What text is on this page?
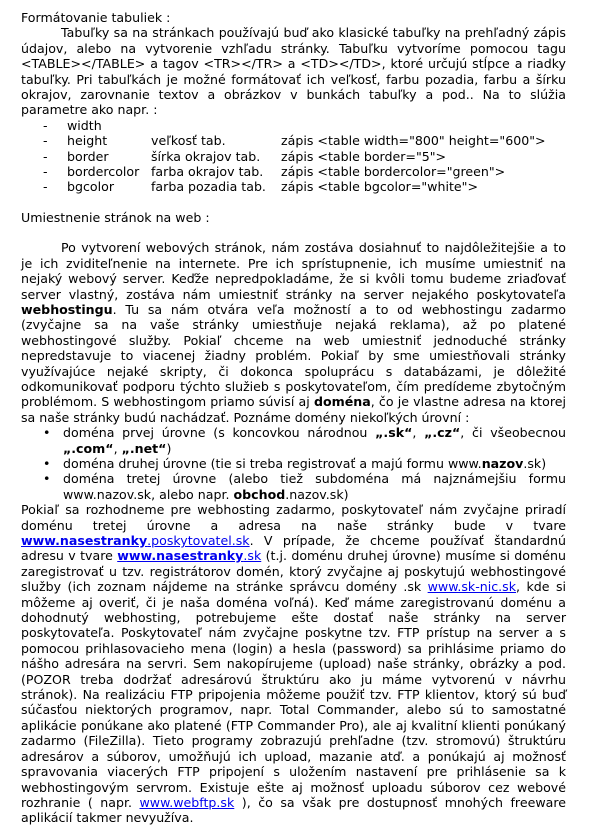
Formátovanie tabuliek :

Tabuľky sa na stránkach používajú buď ako klasické tabuľky na prehľadný zápis údajov, alebo na vytvorenie vzhľadu stránky. Tabuľku vytvoríme pomocou tagu <TABLE></TABLE> a tagov <TR></TR> a <TD></TD>, ktoré určujú stĺpce a riadky tabuľky. Pri tabuľkách je možné formátovať ich veľkosť, farbu pozadia, farbu a šírku okrajov, zarovnanie textov a obrázkov v bunkách tabuľky a pod.. Na to slúžia parametre ako napr. :

-	width
-	height	veľkosť tab.	zápis <table width="800" height="600">
-	border	šírka okrajov tab.	zápis <table border="5">
-	bordercolor farba okrajov tab.	zápis <table bordercolor="green">
-	bgcolor	farba pozadia tab.	zápis <table bgcolor="white">

Umiestnenie stránok na web :

Po vytvorení webových stránok, nám zostáva dosiahnuť to najdôležitejšie a to je ich zviditeľnenie na internete. Pre ich sprístupnenie, ich musíme umiestniť na nejaký webový server. Keďže nepredpokladáme, že si kvôli tomu budeme zriaďovať server vlastný, zostáva nám umiestniť stránky na server nejakého poskytovateľa webhostingu. Tu sa nám otvára veľa možností a to od webhostingu zadarmo (zvyčajne sa na vaše stránky umiestňuje nejaká reklama), až po platené webhostingové služby. Pokiaľ chceme na web umiestniť jednoduché stránky nepredstavuje to viacenej žiadny problém. Pokiaľ by sme umiestňovali stránky využívajúce nejaké skripty, či dokonca spoluprácu s databázami, je dôležité odkomunikovať podporu týchto služieb s poskytovateľom, čím predídeme zbytočným problémom. S webhostingom priamo súvisí aj doména, čo je vlastne adresa na ktorej sa naše stránky budú nachádzať. Poznáme domény niekoľkých úrovní :

• doména prvej úrovne (s koncovkou národnou „.sk“, „.cz“, či všeobecnou „.com“, „.net“)
• doména druhej úrovne (tie si treba registrovať a majú formu www.nazov.sk)
• doména tretej úrovne (alebo tiež subdoména má najznámejšiu formu www.nazov.sk, alebo napr. obchod.nazov.sk)

Pokiaľ sa rozhodneme pre webhosting zadarmo, poskytovateľ nám zvyčajne priradí doménu tretej úrovne a adresa na naše stránky bude v tvare www.nasestranky.poskytovatel.sk. V prípade, že chceme používať štandardnú adresu v tvare www.nasestranky.sk (t.j. doménu druhej úrovne) musíme si doménu zaregistrovať u tzv. registrátorov domén, ktorý zvyčajne aj poskytujú webhostingové služby (ich zoznam nájdeme na stránke správcu domény .sk www.sk-nic.sk, kde si môžeme aj overiť, či je naša doména voľná). Keď máme zaregistrovanú doménu a dohodnutý webhosting, potrebujeme ešte dostať naše stránky na server poskytovateľa. Poskytovateľ nám zvyčajne poskytne tzv. FTP prístup na server a s pomocou prihlasovacieho mena (login) a hesla (password) sa prihlásime priamo do nášho adresára na servri. Sem nakopírujeme (upload) naše stránky, obrázky a pod. (POZOR treba dodržať adresárovú štruktúru ako ju máme vytvorenú v návrhu stránok). Na realizáciu FTP pripojenia môžeme použiť tzv. FTP klientov, ktorý sú buď súčasťou niektorých programov, napr. Total Commander, alebo sú to samostatné aplikácie ponúkane ako platené (FTP Commander Pro), ale aj kvalitní klienti ponúkaný zadarmo (FileZilla). Tieto programy zobrazujú prehľadne (tzv. stromovú) štruktúru adresárov a súborov, umožňujú ich upload, mazanie atď. a ponúkajú aj možnosť spravovania viacerých FTP pripojení s uložením nastavení pre prihlásenie sa k webhostingovým servrom. Existuje ešte aj možnosť uploadu súborov cez webové rozhranie ( napr. www.webftp.sk ), čo sa však pre dostupnosť mnohých freeware aplikácií takmer nevyužíva.
